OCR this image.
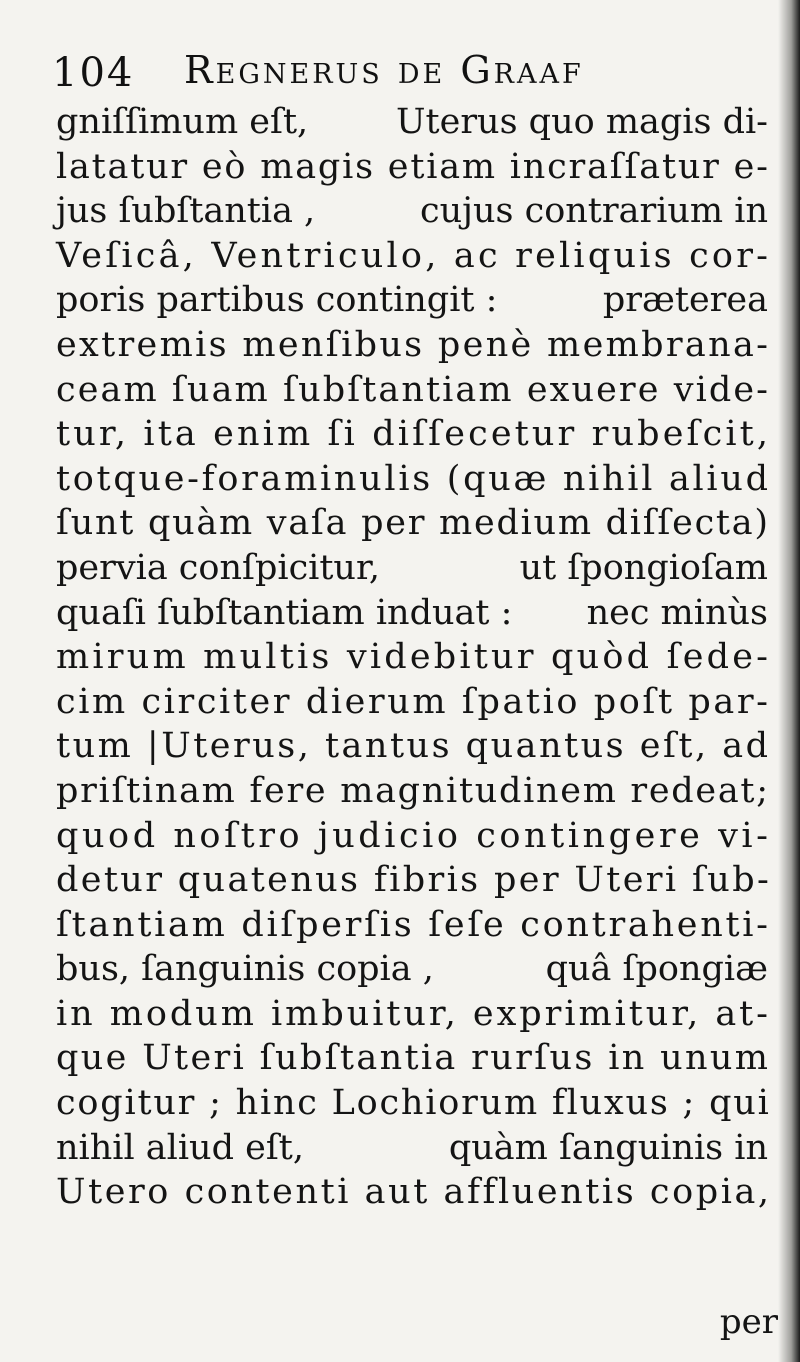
104 Regnerus de Graaf
gniſſimum eſt,	Uterus quo magis di-
latatur eò magis etiam incraſſatur e-
jus ſubſtantia ,	cujus contrarium in
Veſicâ, Ventriculo, ac reliquis cor-
poris partibus contingit :	præterea
extremis menſibus penè membrana-
ceam ſuam ſubſtantiam exuere vide-
tur, ita enim ſi diſſecetur rubeſcit,
totque-foraminulis (quæ nihil aliud
ſunt quàm vaſa per medium diſſecta)
pervia conſpicitur,	ut ſpongioſam
quaſi ſubſtantiam induat : nec minùs
mirum multis videbitur quòd ſede-
cim circiter dierum ſpatio poſt par-
tum |Uterus, tantus quantus eſt, ad
priſtinam fere magnitudinem redeat;
quod noſtro judicio contingere vi-
detur quatenus fibris per Uteri ſub-
ſtantiam diſperſis ſeſe contrahenti-
bus, ſanguinis copia ,	quâ ſpongiæ
in modum imbuitur, exprimitur, at-
que Uteri ſubſtantia rurſus in unum
cogitur ; hinc Lochiorum fluxus ; qui
nihil aliud eſt,	quàm ſanguinis in
Utero contenti aut affluentis copia,
per
